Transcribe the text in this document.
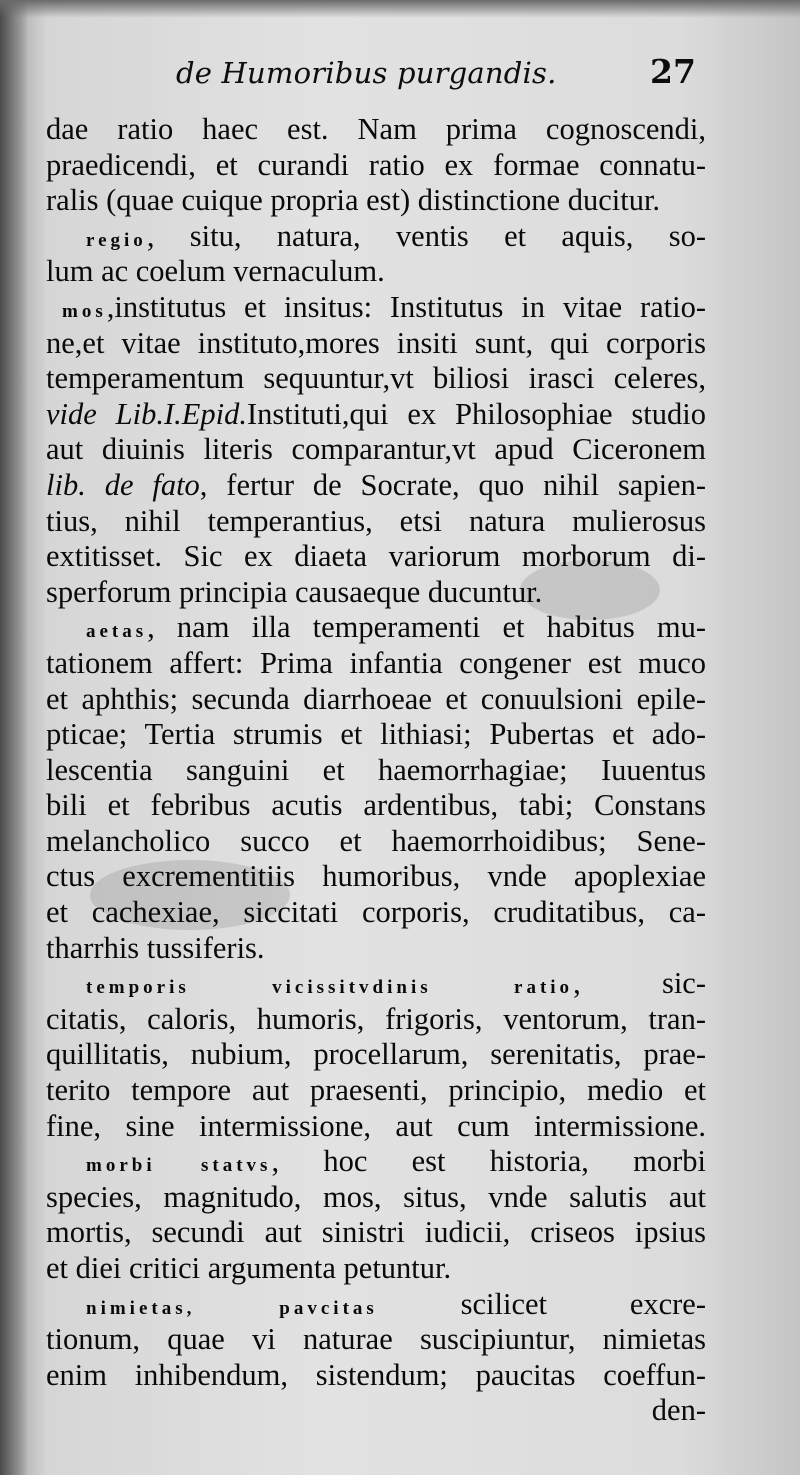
de Humoribus purgandis.	27
dae ratio haec est. Nam prima cognoscendi,
praedicendi, et curandi ratio ex formae connatu-
ralis (quae cuique propria est) distinctione ducitur.
regio, situ, natura, ventis et aquis, so-
lum ac coelum vernaculum.
mos,institutus et insitus: Institutus in vitae ratio-
ne,et vitae instituto,mores insiti sunt, qui corporis
temperamentum sequuntur,vt biliosi irasci celeres,
vide Lib.I.Epid.Instituti,qui ex Philosophiae studio
aut diuinis literis comparantur,vt apud Ciceronem
lib. de fato, fertur de Socrate, quo nihil sapien-
tius, nihil temperantius, etsi natura mulierosus
extitisset. Sic ex diaeta variorum morborum di-
sperforum principia causaeque ducuntur.
aetas, nam illa temperamenti et habitus mu-
tationem affert: Prima infantia congener est muco
et aphthis; secunda diarrhoeae et conuulsioni epile-
pticae; Tertia strumis et lithiasi; Pubertas et ado-
lescentia sanguini et haemorrhagiae; Iuuentus
bili et febribus acutis ardentibus, tabi; Constans
melancholico succo et haemorrhoidibus; Sene-
ctus excrementitiis humoribus, vnde apoplexiae
et cachexiae, siccitati corporis, cruditatibus, ca-
tharrhis tussiferis.
temporis vicissitvdinis ratio, sic-
citatis, caloris, humoris, frigoris, ventorum, tran-
quillitatis, nubium, procellarum, serenitatis, prae-
terito tempore aut praesenti, principio, medio et
fine, sine intermissione, aut cum intermissione.
morbi statvs, hoc est historia, morbi
species, magnitudo, mos, situs, vnde salutis aut
mortis, secundi aut sinistri iudicii, criseos ipsius
et diei critici argumenta petuntur.
nimietas, pavcitas scilicet excre-
tionum, quae vi naturae suscipiuntur, nimietas
enim inhibendum, sistendum; paucitas coeffun-
den-
